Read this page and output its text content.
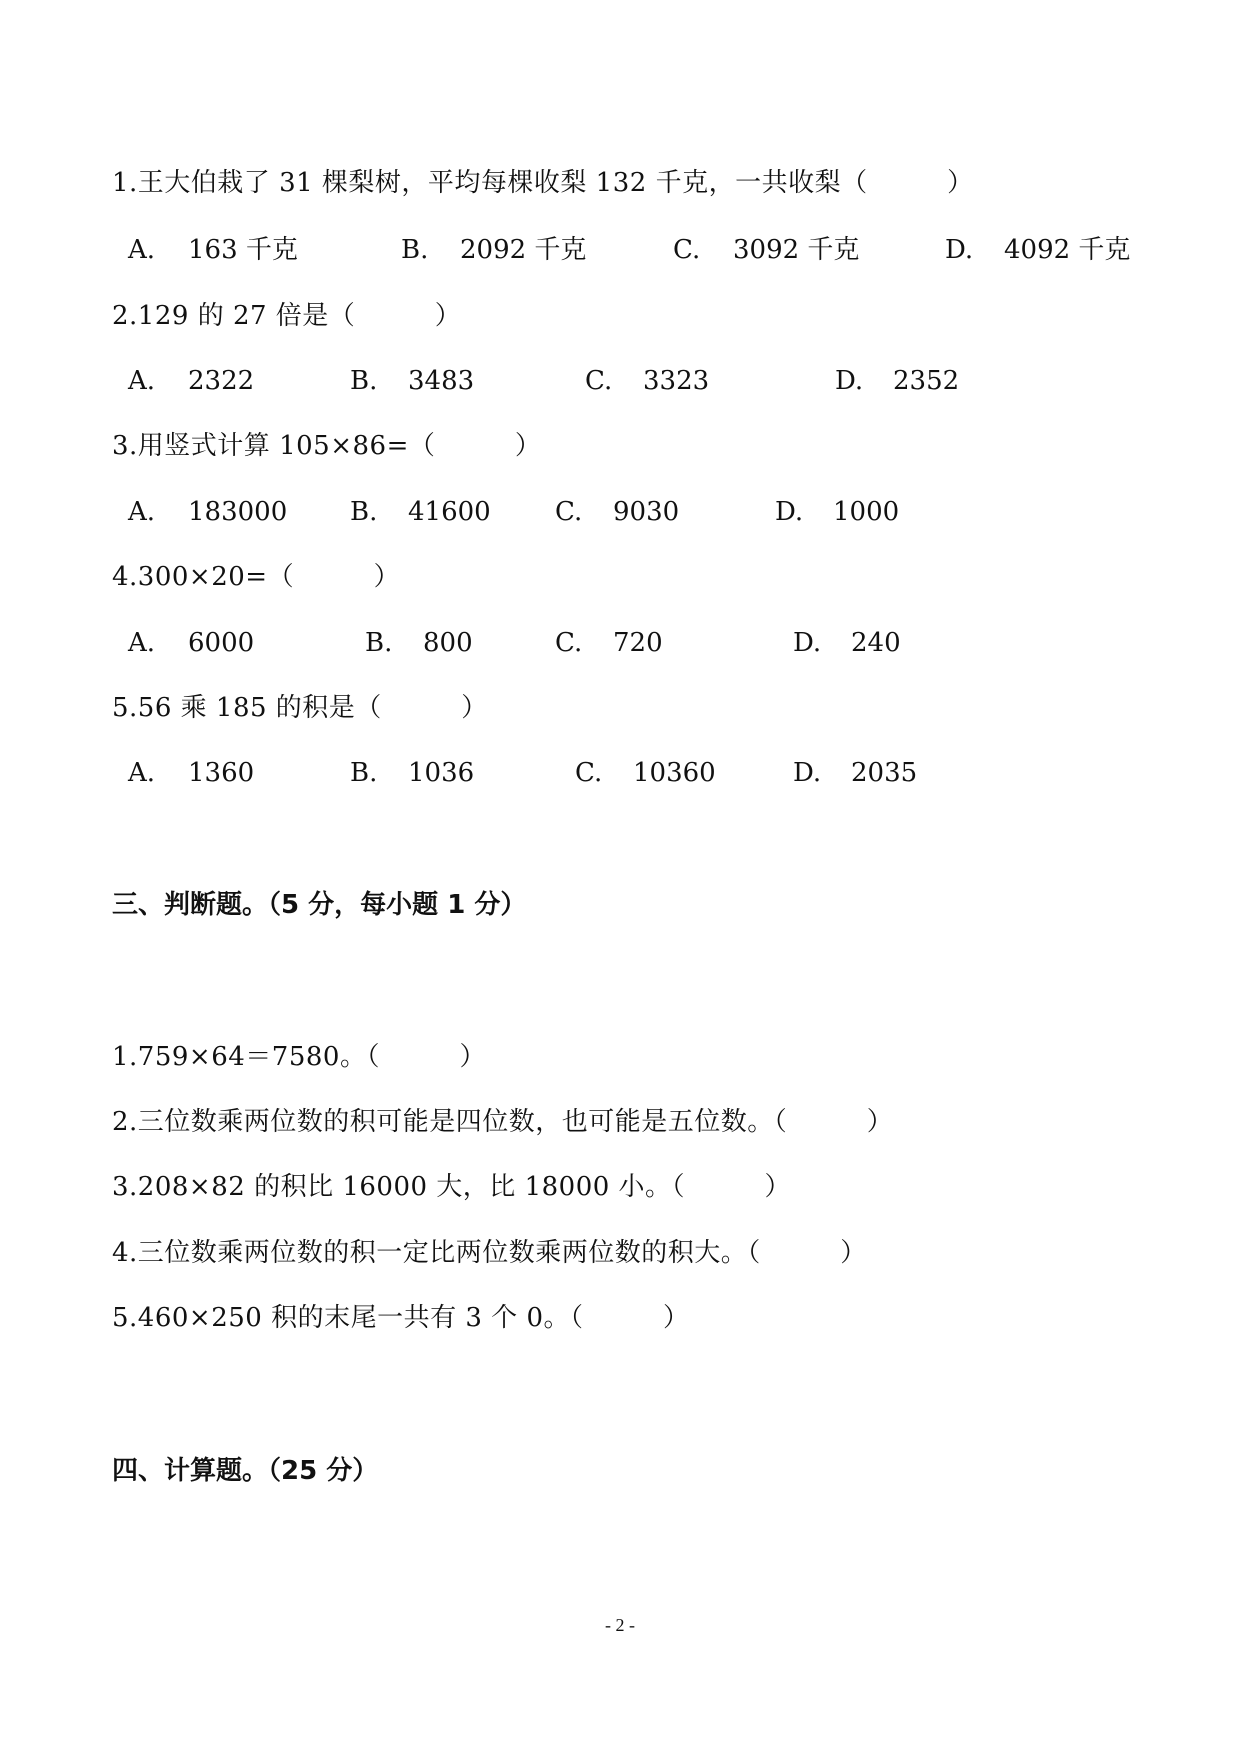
1.王大伯栽了 31 棵梨树，平均每棵收梨 132 千克，一共收梨（　　　）
A. 163 千克	B. 2092 千克	C. 3092 千克	D. 4092 千克
2.129 的 27 倍是（　　　）
A. 2322	B. 3483	C. 3323	D. 2352
3.用竖式计算 105×86=（　　　）
A. 183000 B. 41600 C. 9030	D. 1000
4.300×20=（　　　）
A. 6000	B. 800	C. 720	D. 240
5.56 乘 185 的积是（　　　）
A. 1360	B. 1036	C. 10360	D. 2035
三、判断题。（5 分，每小题 1 分）
1.759×64＝7580。（　　　）
2.三位数乘两位数的积可能是四位数，也可能是五位数。（　　　）
3.208×82 的积比 16000 大，比 18000 小。（　　　）
4.三位数乘两位数的积一定比两位数乘两位数的积大。（　　　）
5.460×250 积的末尾一共有 3 个 0。（　　　）
四、计算题。（25 分）
- 2 -
